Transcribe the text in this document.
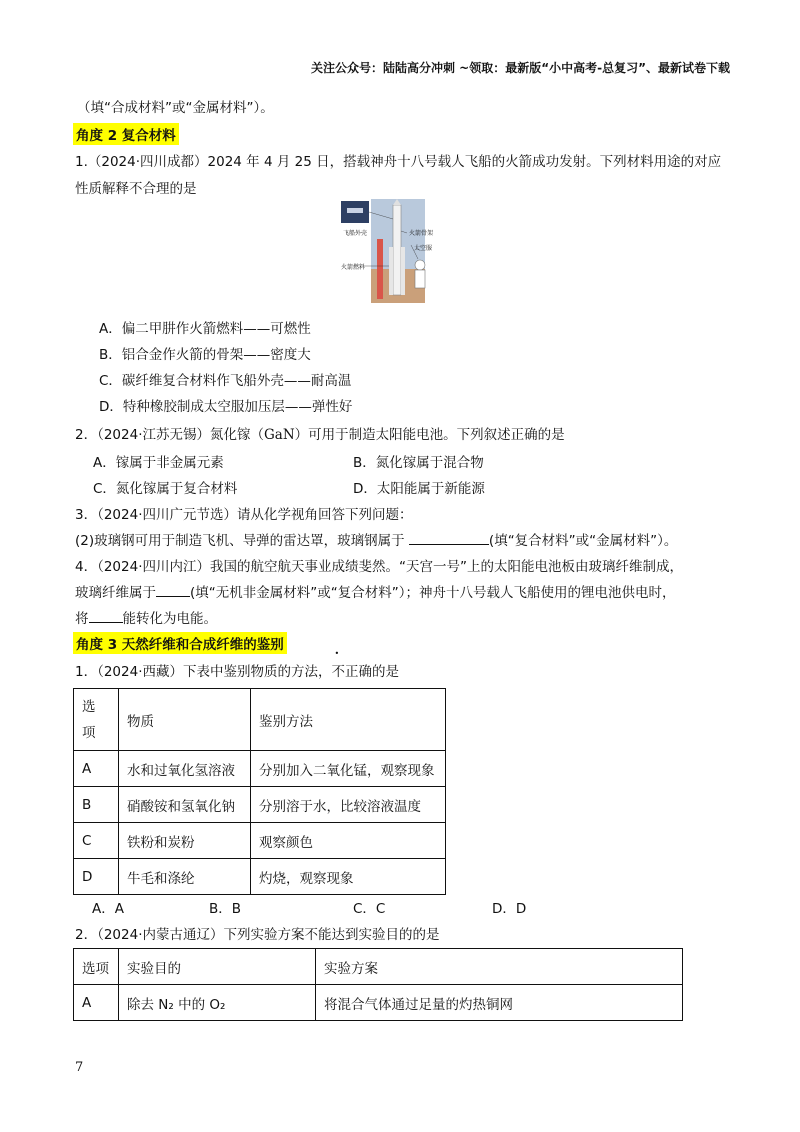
关注公众号：陆陆高分冲刺 ~领取：最新版“小中高考-总复习”、最新试卷下载
（填“合成材料”或“金属材料”）。
角度 2 复合材料
1.（2024·四川成都）2024 年 4 月 25 日，搭载神舟十八号载人飞船的火箭成功发射。下列材料用途的对应
性质解释不合理的是
飞船外壳	火箭骨架
太空服
火箭燃料
A．偏二甲肼作火箭燃料——可燃性
B．铝合金作火箭的骨架——密度大
C．碳纤维复合材料作飞船外壳——耐高温
D．特种橡胶制成太空服加压层——弹性好
2．（2024·江苏无锡）氮化镓（GaN）可用于制造太阳能电池。下列叙述正确的是
A．镓属于非金属元素	B．氮化镓属于混合物
C．氮化镓属于复合材料	D．太阳能属于新能源
3．（2024·四川广元节选）请从化学视角回答下列问题：
(2)玻璃钢可用于制造飞机、导弹的雷达罩，玻璃钢属于	(填“复合材料”或“金属材料”）。
4．（2024·四川内江）我国的航空航天事业成绩斐然。“天宫一号”上的太阳能电池板由玻璃纤维制成，
玻璃纤维属于	(填“无机非金属材料”或“复合材料”）；神舟十八号载人飞船使用的锂电池供电时，
将	能转化为电能。
角度 3 天然纤维和合成纤维的鉴别
1．（2024·西藏）下表中鉴别物质的方法，不正确的是
选
项	物质	鉴别方法
A	水和过氧化氢溶液	分别加入二氧化锰，观察现象
B	硝酸铵和氢氧化钠	分别溶于水，比较溶液温度
C	铁粉和炭粉	观察颜色
D	牛毛和涤纶	灼烧，观察现象
A．A	B．B	C．C	D．D
2．（2024·内蒙古通辽）下列实验方案不能达到实验目的的是
选项	实验目的	实验方案
A	除去 N₂ 中的 O₂	将混合气体通过足量的灼热铜网
7
